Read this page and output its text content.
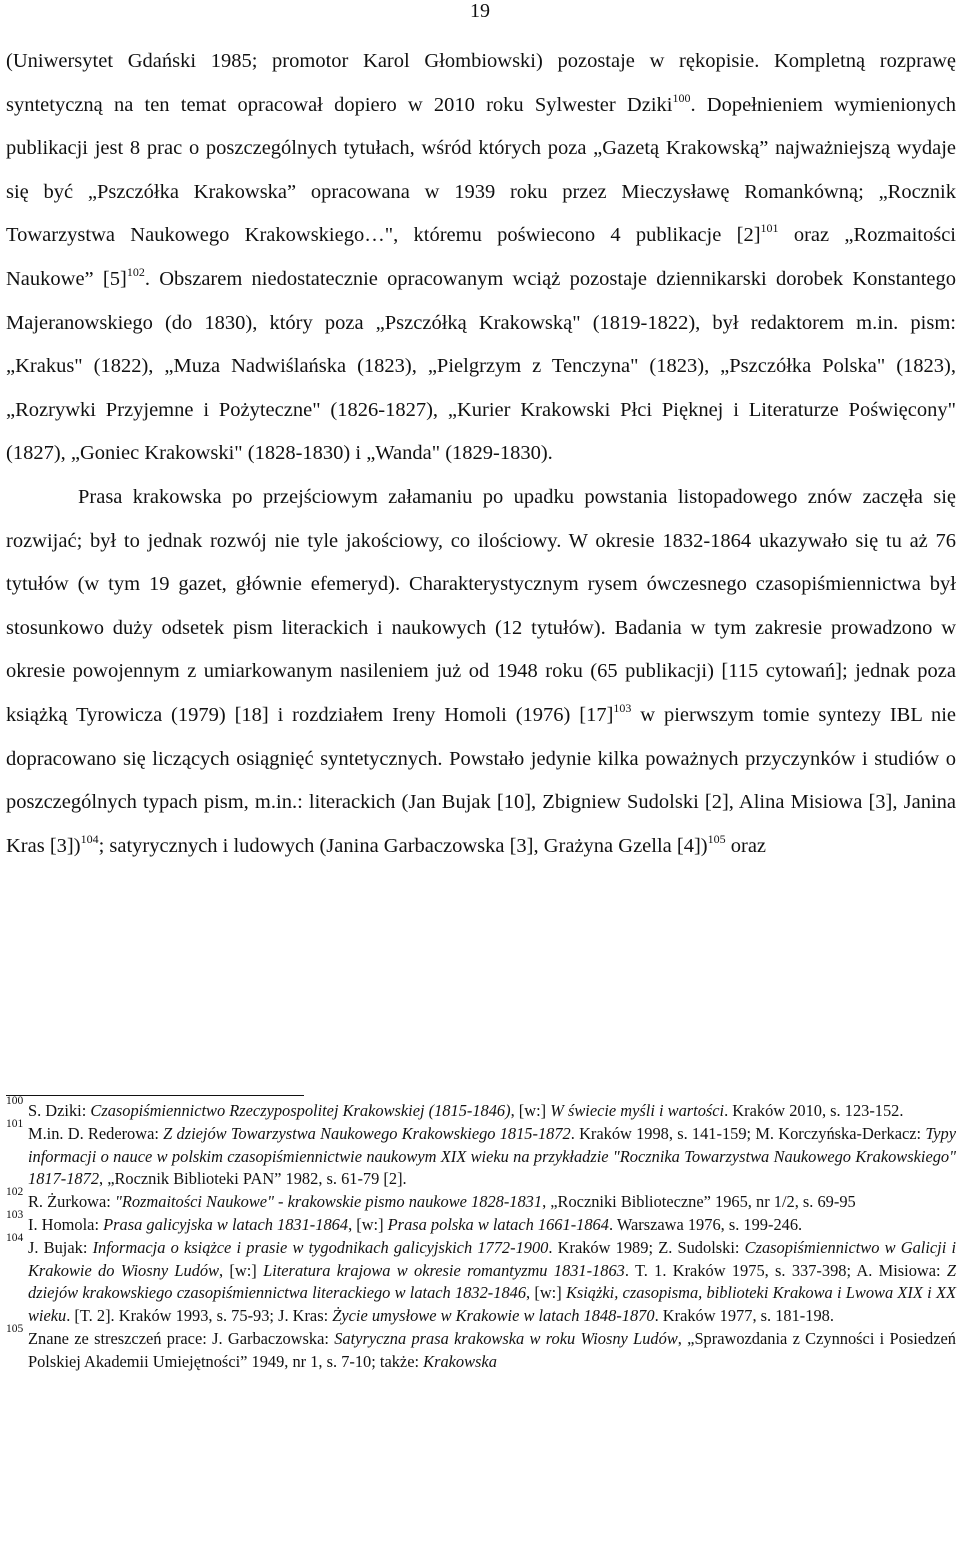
19

(Uniwersytet Gdański 1985; promotor Karol Głombiowski) pozostaje w rękopisie. Kompletną rozprawę syntetyczną na ten temat opracował dopiero w 2010 roku Sylwester Dziki$^{100}$. Dopełnieniem wymienionych publikacji jest 8 prac o poszczególnych tytułach, wśród których poza „Gazetą Krakowską” najważniejszą wydaje się być „Pszczółka Krakowska” opracowana w 1939 roku przez Mieczysławę Romankówną; „Rocznik Towarzystwa Naukowego Krakowskiego…", któremu poświecono 4 publikacje $[2]^{101}$ oraz „Rozmaitości Naukowe” $[5]^{102}$. Obszarem niedostatecznie opracowanym wciąż pozostaje dziennikarski dorobek Konstantego Majeranowskiego (do 1830), który poza „Pszczółką Krakowską" (1819-1822), był redaktorem m.in. pism: „Krakus" (1822), „Muza Nadwiślańska (1823), „Pielgrzym z Tenczyna" (1823), „Pszczółka Polska" (1823), „Rozrywki Przyjemne i Pożyteczne" (1826-1827), „Kurier Krakowski Płci Pięknej i Literaturze Poświęcony" (1827), „Goniec Krakowski" (1828-1830) i „Wanda" (1829-1830).

Prasa krakowska po przejściowym załamaniu po upadku powstania listopadowego znów zaczęła się rozwijać; był to jednak rozwój nie tyle jakościowy, co ilościowy. W okresie 1832-1864 ukazywało się tu aż 76 tytułów (w tym 19 gazet, głównie efemeryd). Charakterystycznym rysem ówczesnego czasopiśmiennictwa był stosunkowo duży odsetek pism literackich i naukowych (12 tytułów). Badania w tym zakresie prowadzono w okresie powojennym z umiarkowanym nasileniem już od 1948 roku (65 publikacji) [115 cytowań]; jednak poza książką Tyrowicza (1979) [18] i rozdziałem Ireny Homoli (1976) $[17]^{103}$ w pierwszym tomie syntezy IBL nie dopracowano się liczących osiągnięć syntetycznych. Powstało jedynie kilka poważnych przyczynków i studiów o poszczególnych typach pism, m.in.: literackich (Jan Bujak [10], Zbigniew Sudolski [2], Alina Misiowa [3], Janina Kras [3])$^{104}$; satyrycznych i ludowych (Janina Garbaczowska [3], Grażyna Gzella [4])$^{105}$ oraz

100 S. Dziki: Czasopiśmiennictwo Rzeczypospolitej Krakowskiej (1815-1846), [w:] W świecie myśli i wartości. Kraków 2010, s. 123-152.

101 M.in. D. Rederowa: Z dziejów Towarzystwa Naukowego Krakowskiego 1815-1872. Kraków 1998, s. 141-159; M. Korczyńska-Derkacz: Typy informacji o nauce w polskim czasopiśmiennictwie naukowym XIX wieku na przykładzie "Rocznika Towarzystwa Naukowego Krakowskiego" 1817-1872, „Rocznik Biblioteki PAN” 1982, s. 61-79 [2].

102 R. Żurkowa: "Rozmaitości Naukowe" - krakowskie pismo naukowe 1828-1831, „Roczniki Biblioteczne” 1965, nr 1/2, s. 69-95

103 I. Homola: Prasa galicyjska w latach 1831-1864, [w:] Prasa polska w latach 1661-1864. Warszawa 1976, s. 199-246.

104 J. Bujak: Informacja o książce i prasie w tygodnikach galicyjskich 1772-1900. Kraków 1989; Z. Sudolski: Czasopiśmiennictwo w Galicji i Krakowie do Wiosny Ludów, [w:] Literatura krajowa w okresie romantyzmu 1831-1863. T. 1. Kraków 1975, s. 337-398; A. Misiowa: Z dziejów krakowskiego czasopiśmiennictwa literackiego w latach 1832-1846, [w:] Książki, czasopisma, biblioteki Krakowa i Lwowa XIX i XX wieku. [T. 2]. Kraków 1993, s. 75-93; J. Kras: Życie umysłowe w Krakowie w latach 1848-1870. Kraków 1977, s. 181-198.

105 Znane ze streszczeń prace: J. Garbaczowska: Satyryczna prasa krakowska w roku Wiosny Ludów, „Sprawozdania z Czynności i Posiedzeń Polskiej Akademii Umiejętności” 1949, nr 1, s. 7-10; także: Krakowska
